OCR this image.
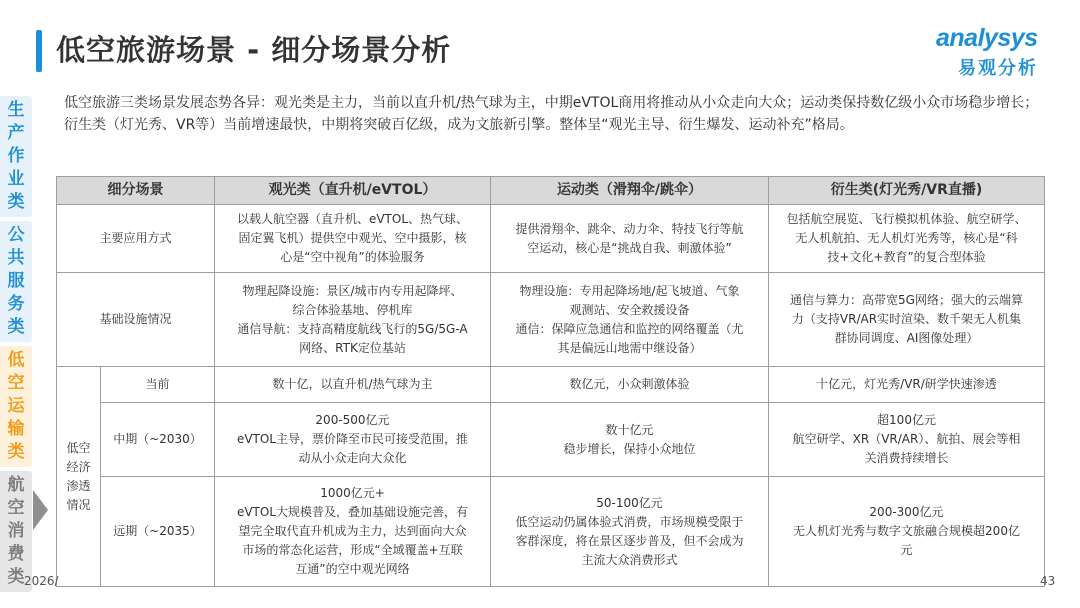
低空旅游场景 - 细分场景分析	analysys
易观分析
生产作业类
公共服务类
低空运输类
航空消费类

低空旅游三类场景发展态势各异：观光类是主力，当前以直升机/热气球为主，中期eVTOL商用将推动从小众走向大众；运动类保持数亿级小众市场稳步增长；衍生类（灯光秀、VR等）当前增速最快，中期将突破百亿级，成为文旅新引擎。整体呈“观光主导、衍生爆发、运动补充”格局。

细分场景		观光类（直升机/eVTOL）	运动类（滑翔伞/跳伞）	衍生类(灯光秀/VR直播)
主要应用方式		以载人航空器（直升机、eVTOL、热气球、
固定翼飞机）提供空中观光、空中摄影，核
心是“空中视角”的体验服务	提供滑翔伞、跳伞、动力伞、特技飞行等航
空运动，核心是“挑战自我、刺激体验”	包括航空展览、飞行模拟机体验、航空研学、
无人机航拍、无人机灯光秀等，核心是“科
技+文化+教育”的复合型体验

基础设施情况		物理起降设施：景区/城市内专用起降坪、
综合体验基地、停机库
通信导航：支持高精度航线飞行的5G/5G-A
网络、RTK定位基站	物理设施：专用起降场地/起飞坡道、气象
观测站、安全救援设备
通信：保障应急通信和监控的网络覆盖（尤
其是偏远山地需中继设备）	通信与算力：高带宽5G网络；强大的云端算
力（支持VR/AR实时渲染、数千架无人机集
群协同调度、AI图像处理）

低空
经济
渗透
情况	当前	数十亿，以直升机/热气球为主	数亿元，小众刺激体验	十亿元，灯光秀/VR/研学快速渗透
	中期（~2030）	200-500亿元
eVTOL主导，票价降至市民可接受范围，推
动从小众走向大众化	数十亿元
稳步增长，保持小众地位	超100亿元
航空研学、XR（VR/AR）、航拍、展会等相
关消费持续增长

	远期（~2035）	1000亿元+
eVTOL大规模普及，叠加基础设施完善，有
望完全取代直升机成为主力，达到面向大众
市场的常态化运营，形成“全域覆盖+互联
互通”的空中观光网络	50-100亿元
低空运动仍属体验式消费，市场规模受限于
客群深度，将在景区逐步普及，但不会成为
主流大众消费形式	200-300亿元
无人机灯光秀与数字文旅融合规模超200亿
元
2026/	43
